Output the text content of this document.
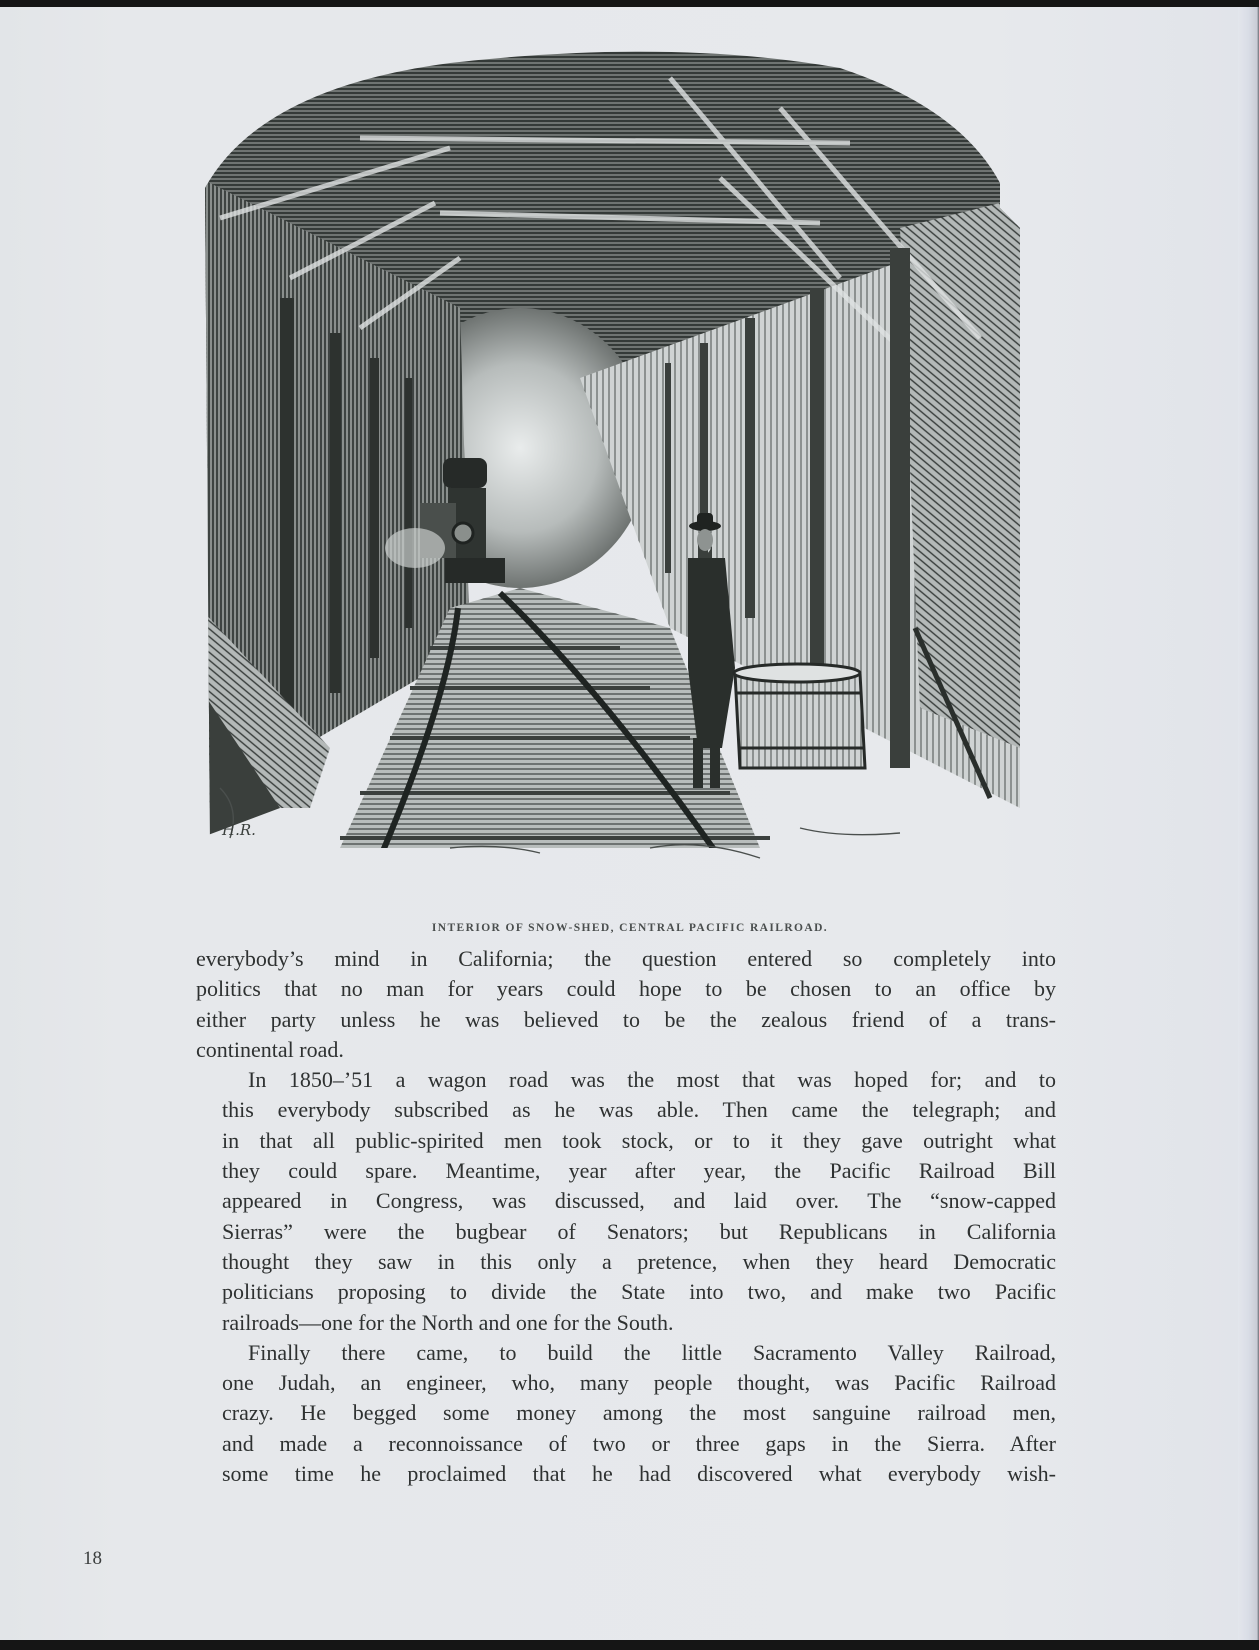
H.R.
INTERIOR OF SNOW-SHED, CENTRAL PACIFIC RAILROAD.

everybody’s mind in California; the question entered so completely into
politics that no man for years could hope to be chosen to an office by
either party unless he was believed to be the zealous friend of a trans-
continental road.

In 1850–’51 a wagon road was the most that was hoped for; and to
this everybody subscribed as he was able. Then came the telegraph; and
in that all public-spirited men took stock, or to it they gave outright what
they could spare. Meantime, year after year, the Pacific Railroad Bill
appeared in Congress, was discussed, and laid over. The “snow-capped
Sierras” were the bugbear of Senators; but Republicans in California
thought they saw in this only a pretence, when they heard Democratic
politicians proposing to divide the State into two, and make two Pacific
railroads—one for the North and one for the South.

Finally there came, to build the little Sacramento Valley Railroad,
one Judah, an engineer, who, many people thought, was Pacific Railroad
crazy. He begged some money among the most sanguine railroad men,
and made a reconnoissance of two or three gaps in the Sierra. After
some time he proclaimed that he had discovered what everybody wish-

18
